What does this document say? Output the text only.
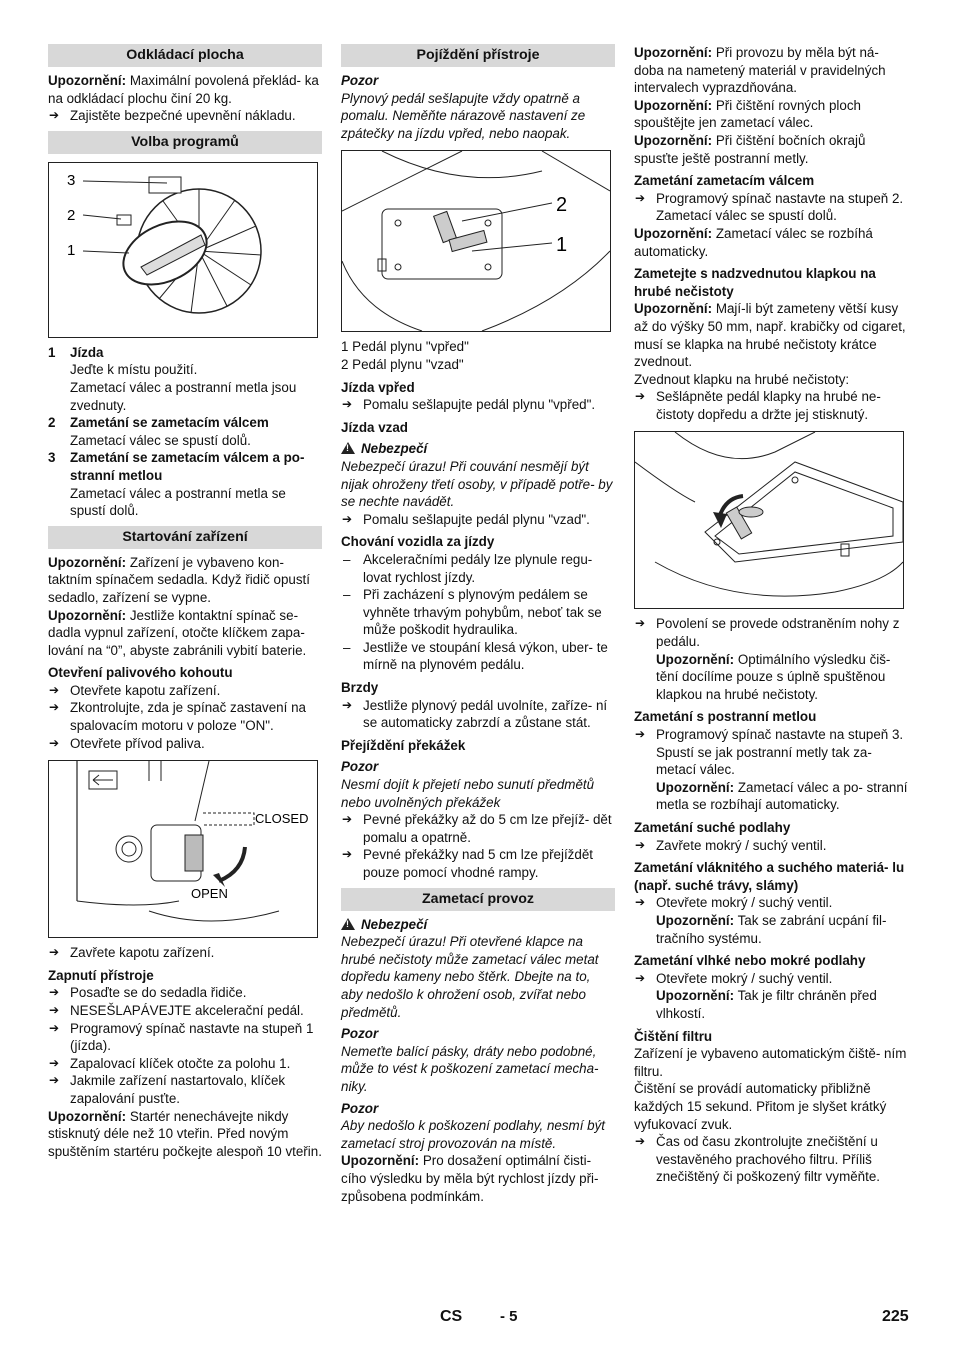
Odkládací plocha

Upozornění: Maximální povolená překlád- ka na odkládací plochu činí 20 kg.

➔ Zajistěte bezpečné upevnění nákladu.

Volba programů
3
2
1

1 Jízda

Jeďte k místu použití.

Zametací válec a postranní metla jsou zvednuty.

2 Zametání se zametacím válcem

Zametací válec se spustí dolů.

3 Zametání se zametacím válcem a po- stranní metlou

Zametací válec a postranní metla se spustí dolů.

Startování zařízení

Upozornění: Zařízení je vybaveno kon- taktním spínačem sedadla. Když řidič opustí sedadlo, zařízení se vypne.

Upozornění: Jestliže kontaktní spínač se- dadla vypnul zařízení, otočte klíčkem zapa- lování na “0”, abyste zabránili vybití baterie.

Otevření palivového kohoutu

➔ Otevřete kapotu zařízení.

➔ Zkontrolujte, zda je spínač zastavení na spalovacím motoru v poloze "ON".

➔ Otevřete přívod paliva.

CLOSED
OPEN

➔ Zavřete kapotu zařízení.

Zapnutí přístroje

➔ Posaďte se do sedadla řidiče.

➔ NESEŠLAPÁVEJTE akcelerační pedál.

➔ Programový spínač nastavte na stupeň 1 (jízda).

➔ Zapalovací klíček otočte za polohu 1.

➔ Jakmile zařízení nastartovalo, klíček zapalování pusťte.

Upozornění: Startér nenechávejte nikdy stisknutý déle než 10 vteřin. Před novým spuštěním startéru počkejte alespoň 10 vteřin.

Pojíždění přístroje

Pozor

Plynový pedál sešlapujte vždy opatrně a pomalu. Neměňte nárazově nastavení ze zpátečky na jízdu vpřed, nebo naopak.

2
1

1 Pedál plynu "vpřed"

2 Pedál plynu "vzad"

Jízda vpřed

➔ Pomalu sešlapujte pedál plynu "vpřed".

Jízda vzad

!Nebezpečí

Nebezpečí úrazu! Při couvání nesmějí být nijak ohroženy třetí osoby, v případě potře- by se nechte navádět.

➔ Pomalu sešlapujte pedál plynu "vzad".

Chování vozidla za jízdy

– Akceleračními pedály lze plynule regu- lovat rychlost jízdy.

– Při zacházení s plynovým pedálem se vyhněte trhavým pohybům, neboť tak se může poškodit hydraulika.

– Jestliže ve stoupání klesá výkon, uber- te mírně na plynovém pedálu.

Brzdy

➔ Jestliže plynový pedál uvolníte, zaříze- ní se automaticky zabrzdí a zůstane stát.

Přejíždění překážek

Pozor

Nesmí dojít k přejetí nebo sunutí předmětů nebo uvolněných překážek

➔ Pevné překážky až do 5 cm lze přejíž- dět pomalu a opatrně.

➔ Pevné překážky nad 5 cm lze přejíždět pouze pomocí vhodné rampy.

Zametací provoz

!Nebezpečí

Nebezpečí úrazu! Při otevřené klapce na hrubé nečistoty může zametací válec metat dopředu kameny nebo štěrk. Dbejte na to, aby nedošlo k ohrožení osob, zvířat nebo předmětů.

Pozor

Nemeťte balící pásky, dráty nebo podobné, může to vést k poškození zametací mecha- niky.

Pozor

Aby nedošlo k poškození podlahy, nesmí být zametací stroj provozován na místě.

Upozornění: Pro dosažení optimální čisti- cího výsledku by měla být rychlost jízdy při- způsobena podmínkám.

Upozornění: Při provozu by měla být ná- doba na nametený materiál v pravidelných intervalech vyprazdňována.

Upozornění: Při čištění rovných ploch spouštějte jen zametací válec.

Upozornění: Při čištění bočních okrajů spusťte ještě postranní metly.

Zametání zametacím válcem

➔ Programový spínač nastavte na stupeň 2. Zametací válec se spustí dolů.

Upozornění: Zametací válec se rozbíhá automaticky.

Zametejte s nadzvednutou klapkou na hrubé nečistoty

Upozornění: Mají-li být zameteny větší kusy až do výšky 50 mm, např. krabičky od cigaret, musí se klapka na hrubé nečistoty krátce zvednout.

Zvednout klapku na hrubé nečistoty:

➔ Sešlápněte pedál klapky na hrubé ne- čistoty dopředu a držte jej stisknutý.

➔ Povolení se provede odstraněním nohy z pedálu.

Upozornění: Optimálního výsledku čiš- tění docílíme pouze s úplně spuštěnou klapkou na hrubé nečistoty.

Zametání s postranní metlou

➔ Programový spínač nastavte na stupeň 3. Spustí se jak postranní metly tak za- metací válec.

Upozornění: Zametací válec a po- stranní metla se rozbíhají automaticky.

Zametání suché podlahy

➔ Zavřete mokrý / suchý ventil.

Zametání vláknitého a suchého materiá- lu (např. suché trávy, slámy)

➔ Otevřete mokrý / suchý ventil.

Upozornění: Tak se zabrání ucpání fil- tračního systému.

Zametání vlhké nebo mokré podlahy

➔ Otevřete mokrý / suchý ventil.

Upozornění: Tak je filtr chráněn před vlhkostí.

Čištění filtru

Zařízení je vybaveno automatickým čiště- ním filtru.

Čištění se provádí automaticky přibližně každých 15 sekund. Přitom je slyšet krátký vyfukovací zvuk.

➔ Čas od času zkontrolujte znečištění u vestavěného prachového filtru. Příliš znečištěný či poškozený filtr vyměňte.

CS	- 5	225
